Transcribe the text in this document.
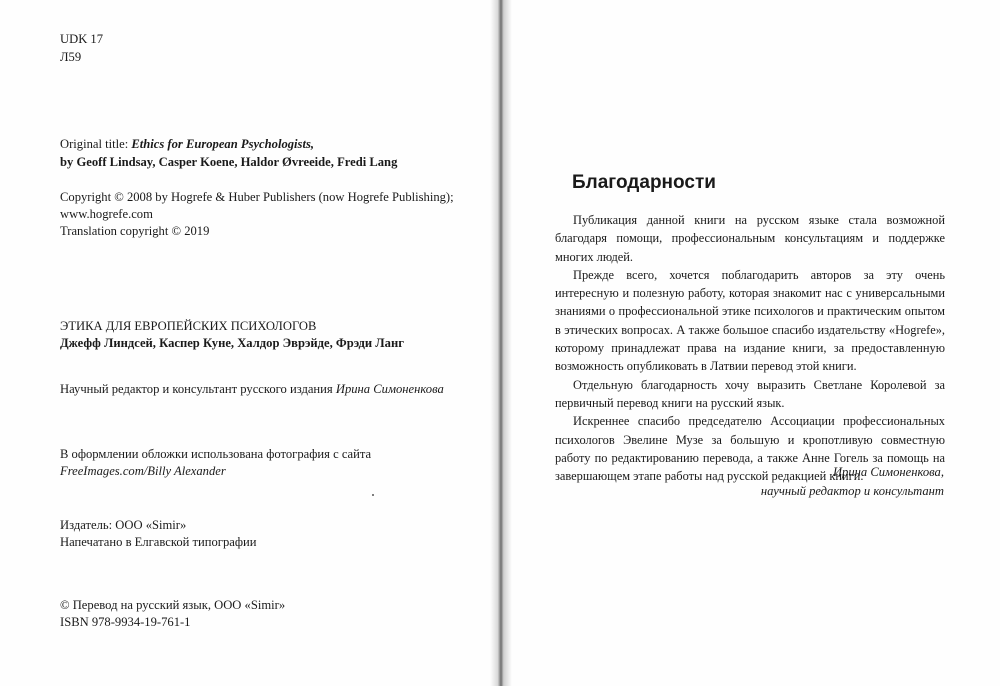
UDK 17
Л59
Original title: Ethics for European Psychologists,
by Geoff Lindsay, Casper Koene, Haldor Øvreeide, Fredi Lang
Copyright © 2008 by Hogrefe & Huber Publishers (now Hogrefe Publishing);
www.hogrefe.com
Translation copyright © 2019
ЭТИКА ДЛЯ ЕВРОПЕЙСКИХ ПСИХОЛОГОВ
Джефф Линдсей, Каспер Куне, Халдор Эврэйде, Фрэди Ланг
Научный редактор и консультант русского издания Ирина Симоненкова
В оформлении обложки использована фотография с сайта
FreeImages.com/Billy Alexander
Издатель: ООО «Simir»
Напечатано в Елгавской типографии
© Перевод на русский язык, ООО «Simir»
ISBN 978-9934-19-761-1
Благодарности

Публикация данной книги на русском языке стала возможной благодаря помощи, профессиональным консультациям и поддержке многих людей.

Прежде всего, хочется поблагодарить авторов за эту очень интересную и полезную работу, которая знакомит нас с универсальными знаниями о профессиональной этике психологов и практическим опытом в этических вопросах. А также большое спасибо издательству «Hogrefe», которому принадлежат права на издание книги, за предоставленную возможность опубликовать в Латвии перевод этой книги.

Отдельную благодарность хочу выразить Светлане Королевой за первичный перевод книги на русский язык.

Искреннее спасибо председателю Ассоциации профессиональных психологов Эвелине Музе за большую и кропотливую совместную работу по редактированию перевода, а также Анне Гогель за помощь на завершающем этапе работы над русской редакцией книги.

Ирина Симоненкова,
научный редактор и консультант
